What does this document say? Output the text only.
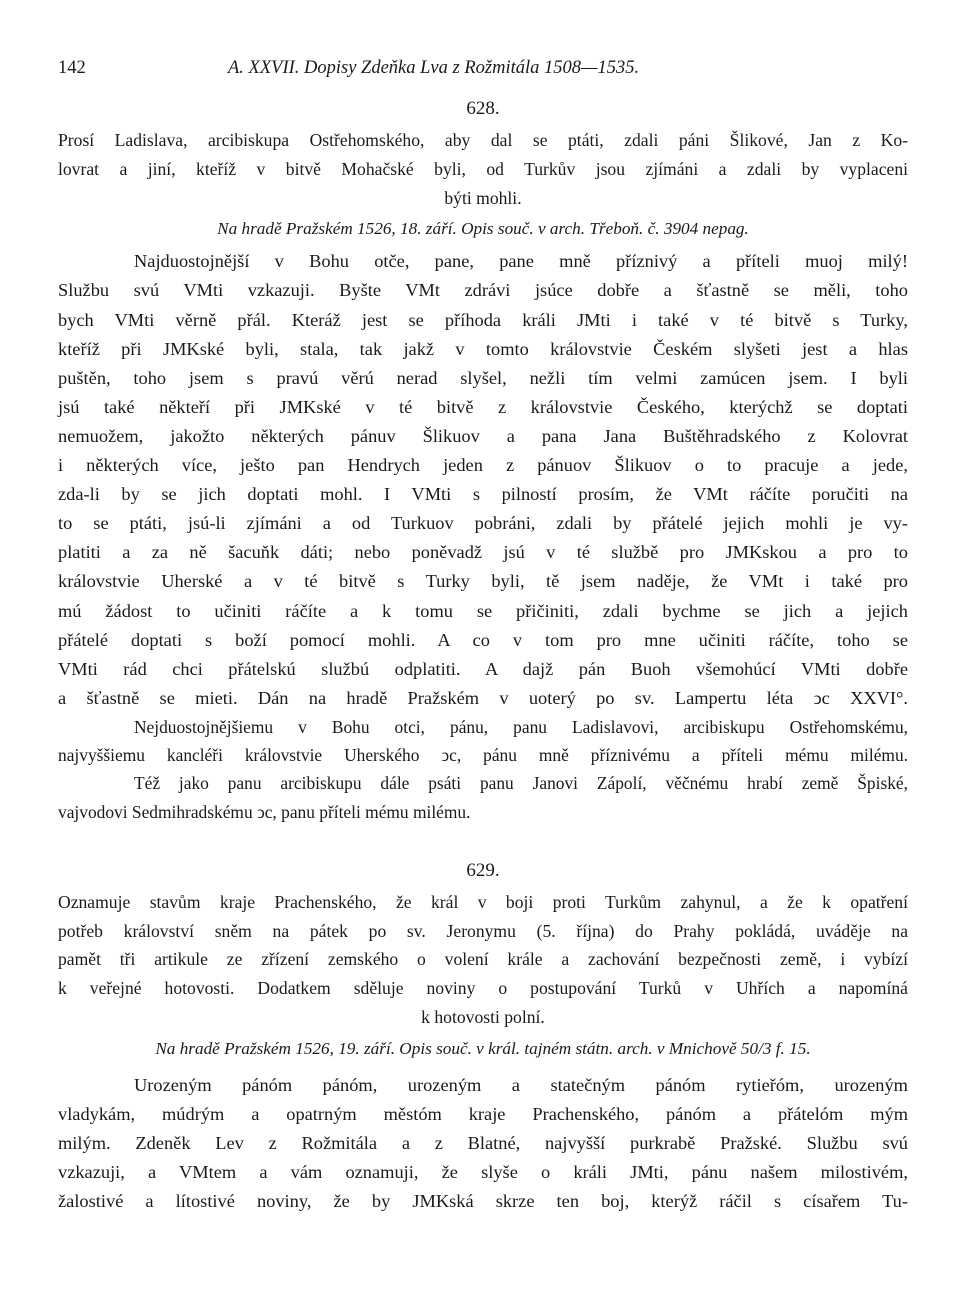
142	A. XXVII. Dopisy Zdeňka Lva z Rožmitála 1508—1535.
628.
Prosí Ladislava, arcibiskupa Ostřehomského, aby dal se ptáti, zdali páni Šlikové, Jan z Ko-
lovrat a jiní, kteříž v bitvě Mohačské byli, od Turkův jsou zjímáni a zdali by vyplaceni
býti mohli.
Na hradě Pražském 1526, 18. září. Opis souč. v arch. Třeboň. č. 3904 nepag.
Najduostojnější v Bohu otče, pane, pane mně příznivý a příteli muoj milý!
Službu svú VMti vzkazuji. Byšte VMt zdrávi jsúce dobře a šťastně se měli, toho
bych VMti věrně přál. Kteráž jest se příhoda králi JMti i také v té bitvě s Turky,
kteříž při JMKské byli, stala, tak jakž v tomto královstvie Českém slyšeti jest a hlas
puštěn, toho jsem s pravú věrú nerad slyšel, nežli tím velmi zamúcen jsem. I byli
jsú také někteří při JMKské v té bitvě z královstvie Českého, kterýchž se doptati
nemuožem, jakožto některých pánuv Šlikuov a pana Jana Buštěhradského z Kolovrat
i některých více, ješto pan Hendrych jeden z pánuov Šlikuov o to pracuje a jede,
zda-li by se jich doptati mohl. I VMti s pilností prosím, že VMt ráčíte poručiti na
to se ptáti, jsú-li zjímáni a od Turkuov pobráni, zdali by přátelé jejich mohli je vy-
platiti a za ně šacuňk dáti; nebo poněvadž jsú v té službě pro JMKskou a pro to
královstvie Uherské a v té bitvě s Turky byli, tě jsem naděje, že VMt i také pro
mú žádost to učiniti ráčíte a k tomu se přičiniti, zdali bychme se jich a jejich
přátelé doptati s boží pomocí mohli. A co v tom pro mne učiniti ráčíte, toho se
VMti rád chci přátelskú službú odplatiti. A dajž pán Buoh všemohúcí VMti dobře
a šťastně se mieti. Dán na hradě Pražském v uoterý po sv. Lampertu léta ͻc XXVI°.
Nejduostojnějšiemu v Bohu otci, pánu, panu Ladislavovi, arcibiskupu Ostřehomskému,
najvyššiemu kancléři královstvie Uherského ͻc, pánu mně příznivému a příteli mému milému.
Též jako panu arcibiskupu dále psáti panu Janovi Zápolí, věčnému hrabí země Špiské,
vajvodovi Sedmihradskému ͻc, panu příteli mému milému.
629.
Oznamuje stavům kraje Prachenského, že král v boji proti Turkům zahynul, a že k opatření
potřeb království sněm na pátek po sv. Jeronymu (5. října) do Prahy pokládá, uváděje na
pamět tři artikule ze zřízení zemského o volení krále a zachování bezpečnosti země, i vybízí
k veřejné hotovosti. Dodatkem sděluje noviny o postupování Turků v Uhřích a napomíná
k hotovosti polní.
Na hradě Pražském 1526, 19. září. Opis souč. v král. tajném státn. arch. v Mnichově 50/3 f. 15.
Urozeným pánóm pánóm, urozeným a statečným pánóm rytieřóm, urozeným
vladykám, múdrým a opatrným městóm kraje Prachenského, pánóm a přátelóm mým
milým. Zdeněk Lev z Rožmitála a z Blatné, najvyšší purkrabě Pražské. Službu svú
vzkazuji, a VMtem a vám oznamuji, že slyše o králi JMti, pánu našem milostivém,
žalostivé a lítostivé noviny, že by JMKská skrze ten boj, kterýž ráčil s císařem Tu-
